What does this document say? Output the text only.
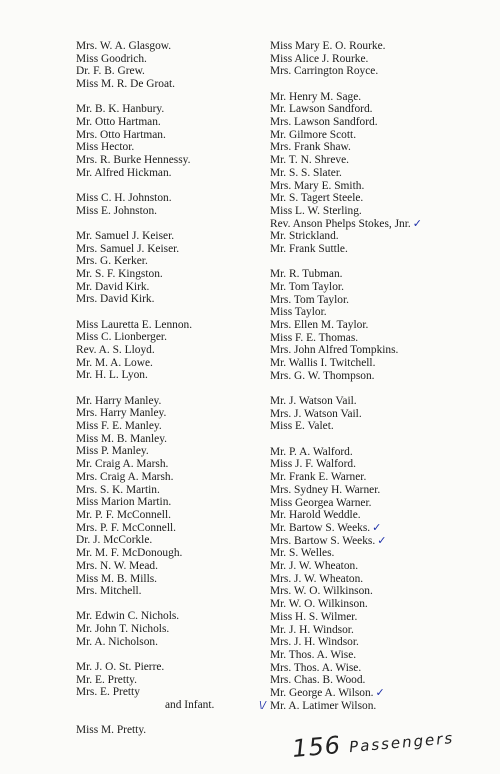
Mrs. W. A. Glasgow.
Miss Goodrich.
Dr. F. B. Grew.
Miss M. R. De Groat.
Mr. B. K. Hanbury.
Mr. Otto Hartman.
Mrs. Otto Hartman.
Miss Hector.
Mrs. R. Burke Hennessy.
Mr. Alfred Hickman.
Miss C. H. Johnston.
Miss E. Johnston.
Mr. Samuel J. Keiser.
Mrs. Samuel J. Keiser.
Mrs. G. Kerker.
Mr. S. F. Kingston.
Mr. David Kirk.
Mrs. David Kirk.
Miss Lauretta E. Lennon.
Miss C. Lionberger.
Rev. A. S. Lloyd.
Mr. M. A. Lowe.
Mr. H. L. Lyon.
Mr. Harry Manley.
Mrs. Harry Manley.
Miss F. E. Manley.
Miss M. B. Manley.
Miss P. Manley.
Mr. Craig A. Marsh.
Mrs. Craig A. Marsh.
Mrs. S. K. Martin.
Miss Marion Martin.
Mr. P. F. McConnell.
Mrs. P. F. McConnell.
Dr. J. McCorkle.
Mr. M. F. McDonough.
Mrs. N. W. Mead.
Miss M. B. Mills.
Mrs. Mitchell.
Mr. Edwin C. Nichols.
Mr. John T. Nichols.
Mr. A. Nicholson.
Mr. J. O. St. Pierre.
Mr. E. Pretty.
Mrs. E. Pretty
and Infant.
Miss M. Pretty.
Miss Mary E. O. Rourke.
Miss Alice J. Rourke.
Mrs. Carrington Royce.
Mr. Henry M. Sage.
Mr. Lawson Sandford.
Mrs. Lawson Sandford.
Mr. Gilmore Scott.
Mrs. Frank Shaw.
Mr. T. N. Shreve.
Mr. S. S. Slater.
Mrs. Mary E. Smith.
Mr. S. Tagert Steele.
Miss L. W. Sterling.
Rev. Anson Phelps Stokes, Jnr. ✓
Mr. Strickland.
Mr. Frank Suttle.
Mr. R. Tubman.
Mr. Tom Taylor.
Mrs. Tom Taylor.
Miss Taylor.
Mrs. Ellen M. Taylor.
Miss F. E. Thomas.
Mrs. John Alfred Tompkins.
Mr. Wallis I. Twitchell.
Mrs. G. W. Thompson.
Mr. J. Watson Vail.
Mrs. J. Watson Vail.
Miss E. Valet.
Mr. P. A. Walford.
Miss J. F. Walford.
Mr. Frank E. Warner.
Mrs. Sydney H. Warner.
Miss Georgea Warner.
Mr. Harold Weddle.
Mr. Bartow S. Weeks. ✓
Mrs. Bartow S. Weeks. ✓
Mr. S. Welles.
Mr. J. W. Wheaton.
Mrs. J. W. Wheaton.
Mrs. W. O. Wilkinson.
Mr. W. O. Wilkinson.
Miss H. S. Wilmer.
Mr. J. H. Windsor.
Mrs. J. H. Windsor.
Mr. Thos. A. Wise.
Mrs. Thos. A. Wise.
Mrs. Chas. B. Wood.
Mr. George A. Wilson. ✓
Mr. A. Latimer Wilson.
\/
156 Passengers
